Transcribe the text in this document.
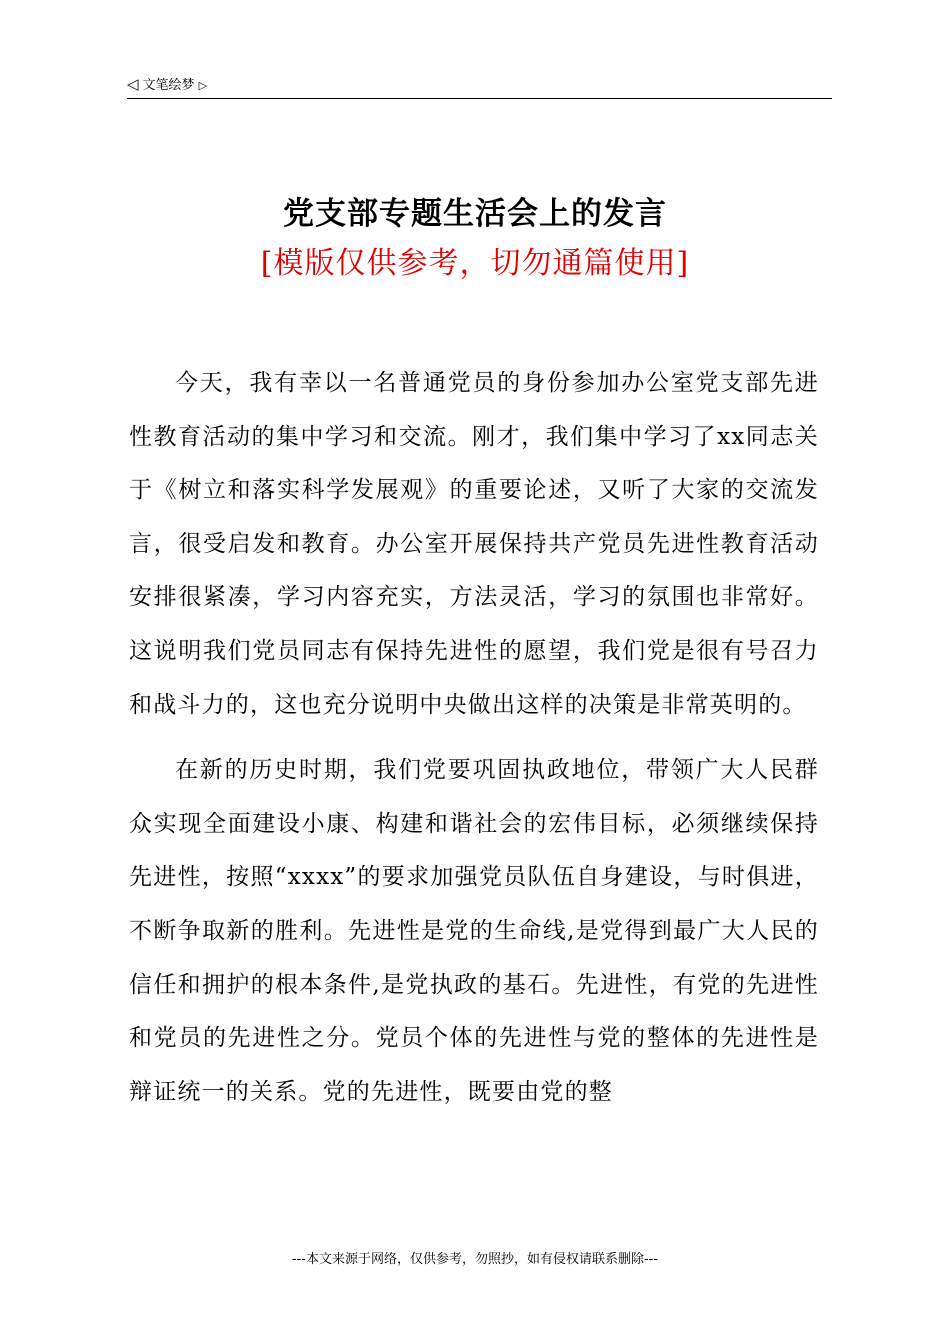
◁ 文笔绘梦 ▷
党支部专题生活会上的发言
[模版仅供参考，切勿通篇使用]

今天，我有幸以一名普通党员的身份参加办公室党支部先进性教育活动的集中学习和交流。刚才，我们集中学习了xx同志关于《树立和落实科学发展观》的重要论述，又听了大家的交流发言，很受启发和教育。办公室开展保持共产党员先进性教育活动安排很紧凑，学习内容充实，方法灵活，学习的氛围也非常好。这说明我们党员同志有保持先进性的愿望，我们党是很有号召力和战斗力的，这也充分说明中央做出这样的决策是非常英明的。

在新的历史时期，我们党要巩固执政地位，带领广大人民群众实现全面建设小康、构建和谐社会的宏伟目标，必须继续保持先进性，按照“xxxx”的要求加强党员队伍自身建设，与时俱进，不断争取新的胜利。先进性是党的生命线,是党得到最广大人民的信任和拥护的根本条件,是党执政的基石。先进性，有党的先进性和党员的先进性之分。党员个体的先进性与党的整体的先进性是辩证统一的关系。党的先进性，既要由党的整

---本文来源于网络，仅供参考，勿照抄，如有侵权请联系删除---
